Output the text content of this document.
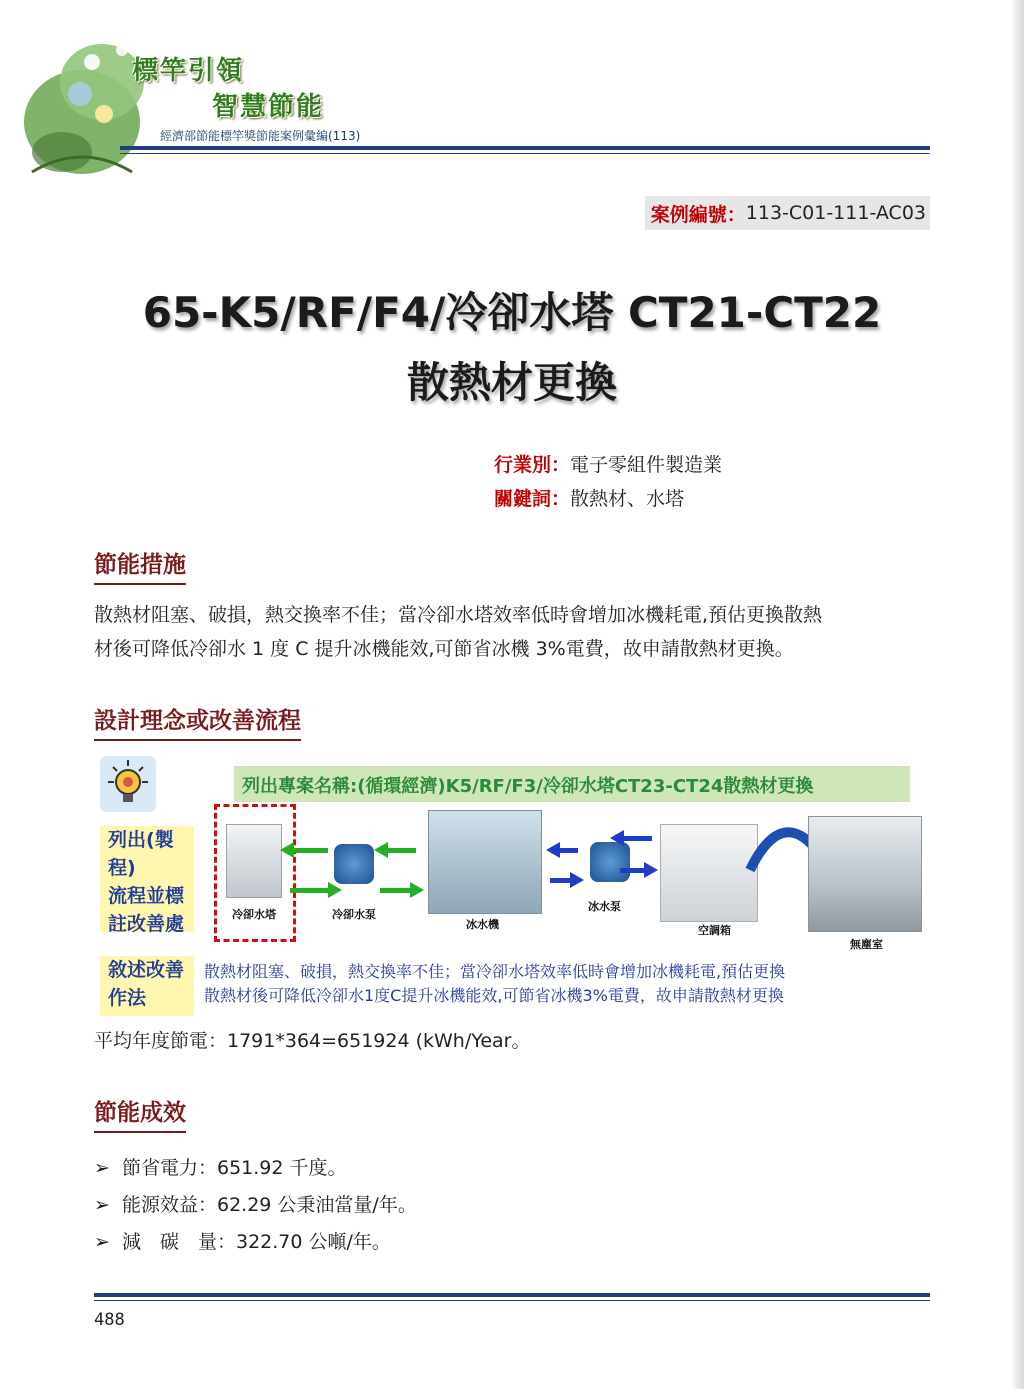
標竿引領
智慧節能
經濟部節能標竿獎節能案例彙編(113)
案例編號： 113-C01-111-AC03
65-K5/RF/F4/冷卻水塔 CT21-CT22
散熱材更換
行業別：電子零組件製造業
關鍵詞：散熱材、水塔
節能措施
散熱材阻塞、破損，熱交換率不佳；當冷卻水塔效率低時會增加冰機耗電,預估更換散熱
材後可降低冷卻水 1 度 C 提升冰機能效,可節省冰機 3%電費，故申請散熱材更換。
設計理念或改善流程
列出專案名稱:(循環經濟)K5/RF/F3/冷卻水塔CT23-CT24散熱材更換
列出(製程)
流程並標
註改善處
敘述改善
作法
冷卻水塔	冷卻水泵
冰水機
冰水泵
空調箱
無塵室
散熱材阻塞、破損，熱交換率不佳；當冷卻水塔效率低時會增加冰機耗電,預估更換
散熱材後可降低冷卻水1度C提升冰機能效,可節省冰機3%電費，故申請散熱材更換
平均年度節電：1791*364=651924 (kWh/Year。
節能成效
➢ 節省電力：651.92 千度。
➢ 能源效益：62.29 公秉油當量/年。
➢ 減　碳　量：322.70 公噸/年。
488
